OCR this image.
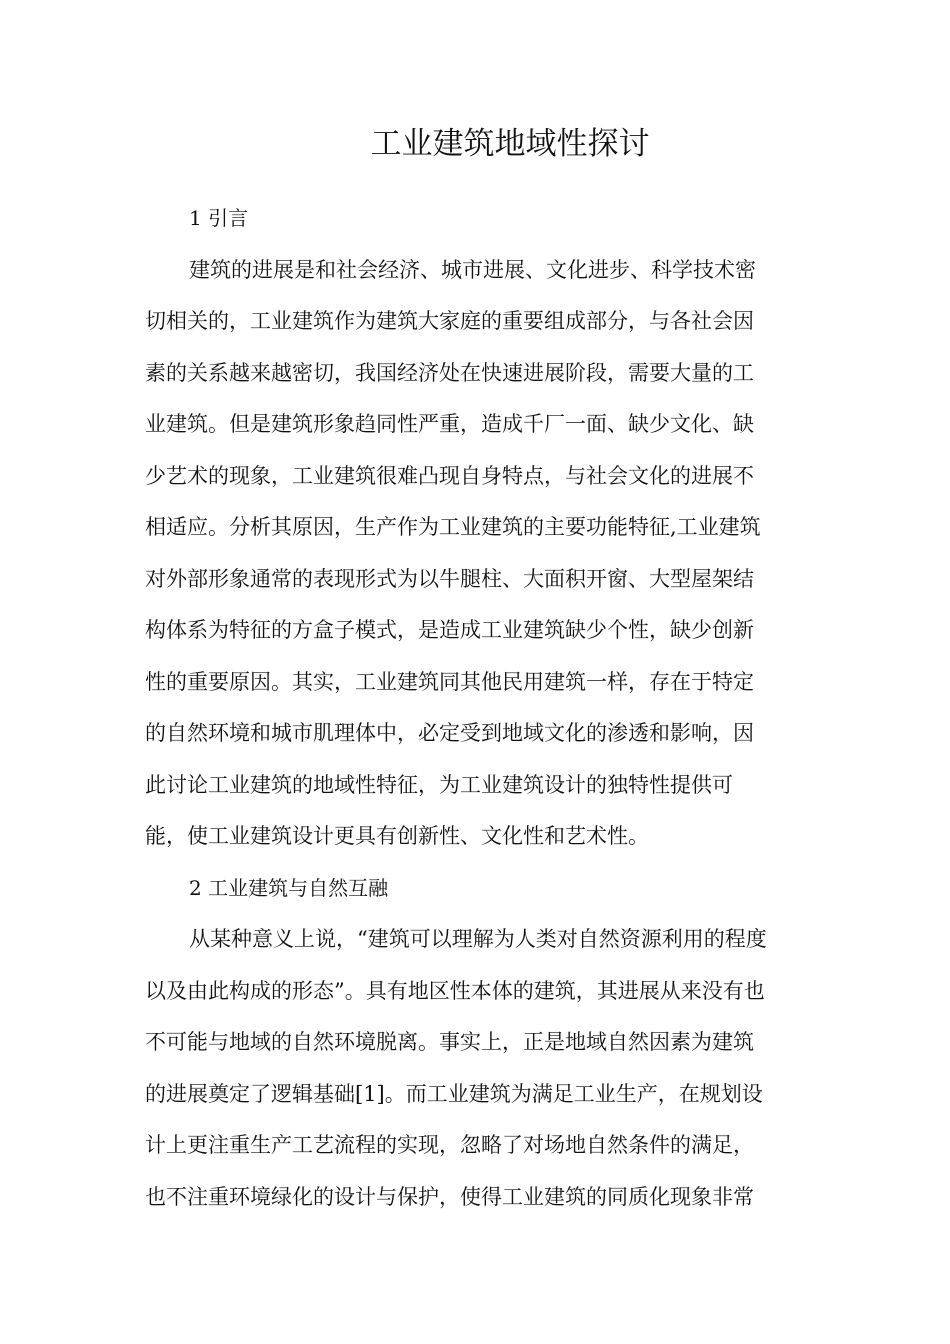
工业建筑地域性探讨
1 引言
建筑的进展是和社会经济、城市进展、文化进步、科学技术密
切相关的，工业建筑作为建筑大家庭的重要组成部分，与各社会因
素的关系越来越密切，我国经济处在快速进展阶段，需要大量的工
业建筑。但是建筑形象趋同性严重，造成千厂一面、缺少文化、缺
少艺术的现象，工业建筑很难凸现自身特点，与社会文化的进展不
相适应。分析其原因，生产作为工业建筑的主要功能特征,工业建筑
对外部形象通常的表现形式为以牛腿柱、大面积开窗、大型屋架结
构体系为特征的方盒子模式，是造成工业建筑缺少个性，缺少创新
性的重要原因。其实，工业建筑同其他民用建筑一样，存在于特定
的自然环境和城市肌理体中，必定受到地域文化的渗透和影响，因
此讨论工业建筑的地域性特征，为工业建筑设计的独特性提供可
能，使工业建筑设计更具有创新性、文化性和艺术性。
2 工业建筑与自然互融
从某种意义上说，“建筑可以理解为人类对自然资源利用的程度
以及由此构成的形态”。具有地区性本体的建筑，其进展从来没有也
不可能与地域的自然环境脱离。事实上，正是地域自然因素为建筑
的进展奠定了逻辑基础[1]。而工业建筑为满足工业生产，在规划设
计上更注重生产工艺流程的实现，忽略了对场地自然条件的满足，
也不注重环境绿化的设计与保护，使得工业建筑的同质化现象非常
